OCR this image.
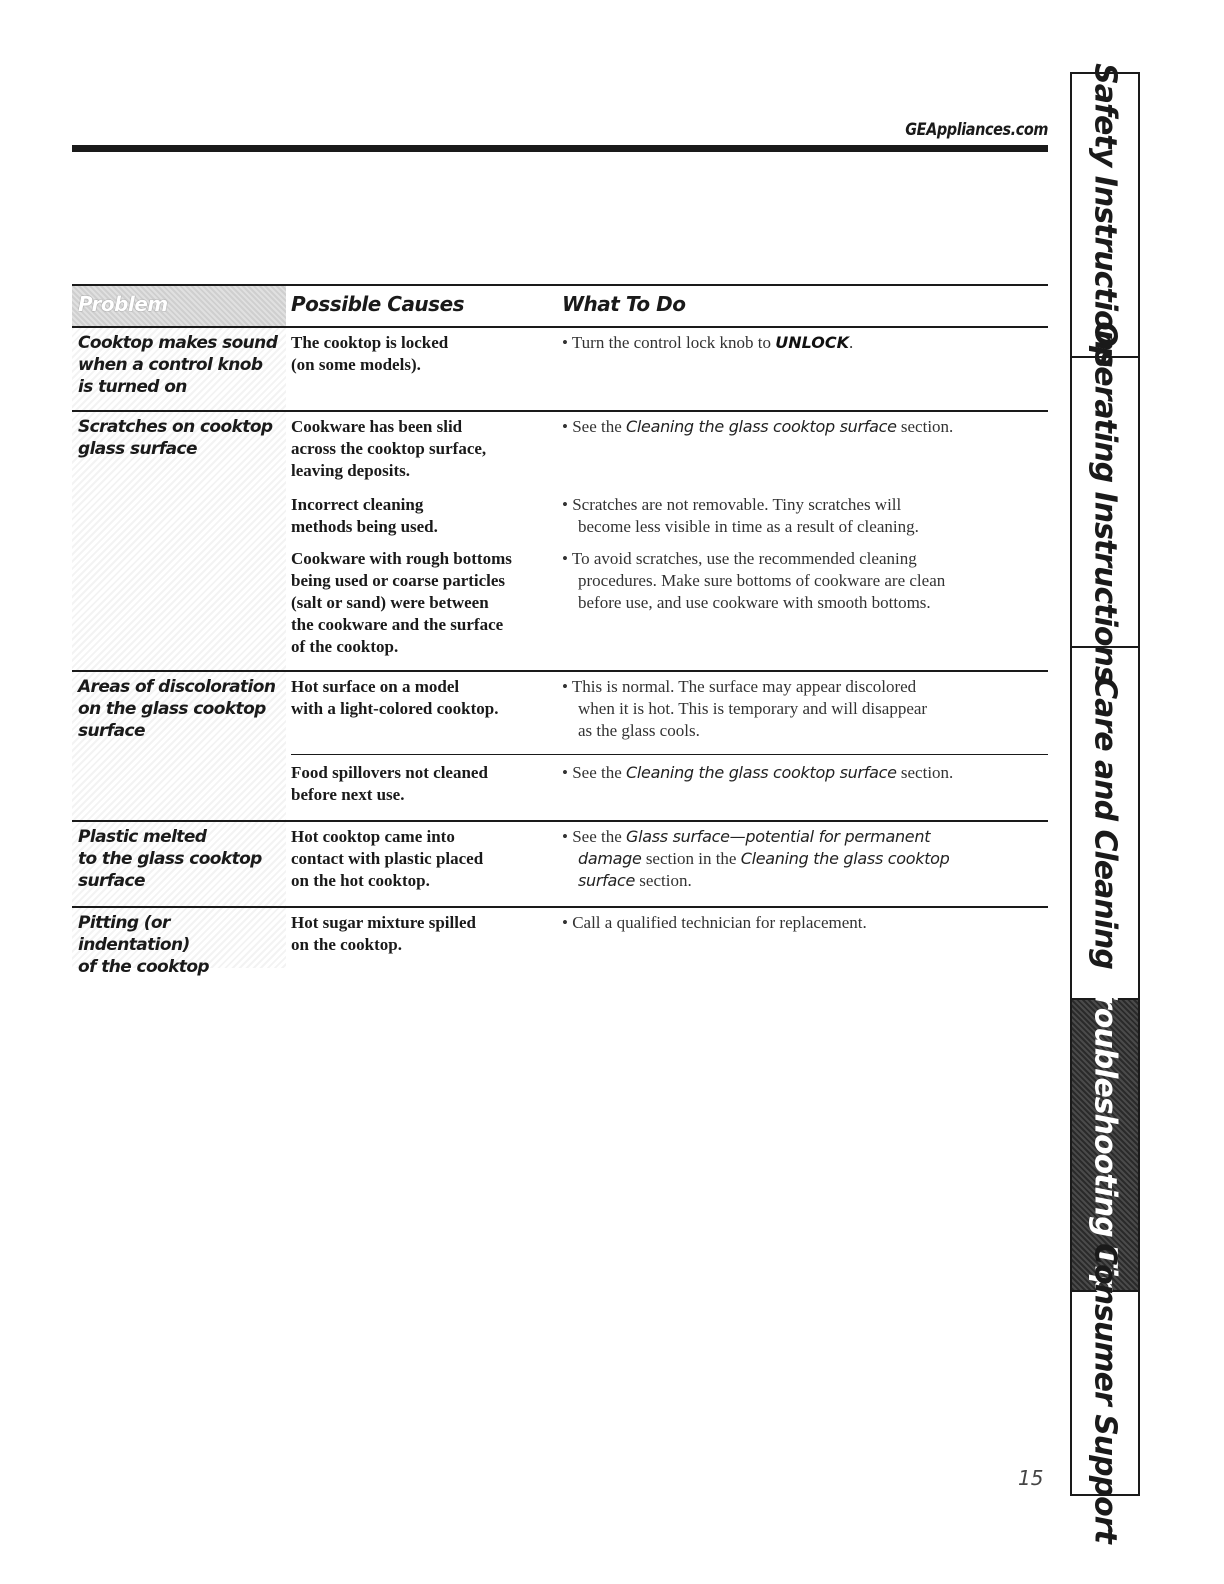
GEAppliances.com
Problem	Possible Causes	What To Do
Cooktop makes sound
when a control knob
is turned on
The cooktop is locked
(on some models).
• Turn the control lock knob to UNLOCK.
Scratches on cooktop
glass surface
Cookware has been slid
across the cooktop surface,
leaving deposits.
• See the Cleaning the glass cooktop surface section.
Incorrect cleaning
methods being used.
• Scratches are not removable. Tiny scratches will
become less visible in time as a result of cleaning.
Cookware with rough bottoms
being used or coarse particles
(salt or sand) were between
the cookware and the surface
of the cooktop.
• To avoid scratches, use the recommended cleaning
procedures. Make sure bottoms of cookware are clean
before use, and use cookware with smooth bottoms.
Areas of discoloration
on the glass cooktop
surface
Hot surface on a model
with a light-colored cooktop.
• This is normal. The surface may appear discolored
when it is hot. This is temporary and will disappear
as the glass cools.
Food spillovers not cleaned
before next use.
• See the Cleaning the glass cooktop surface section.
Plastic melted
to the glass cooktop
surface
Hot cooktop came into
contact with plastic placed
on the hot cooktop.
• See the Glass surface—potential for permanent
damage section in the Cleaning the glass cooktop
surface section.
Pitting (or indentation)
of the cooktop
Hot sugar mixture spilled
on the cooktop.
• Call a qualified technician for replacement.
15
Safety Instructions
Operating Instructions
Care and Cleaning
Troubleshooting Tips
Consumer Support
